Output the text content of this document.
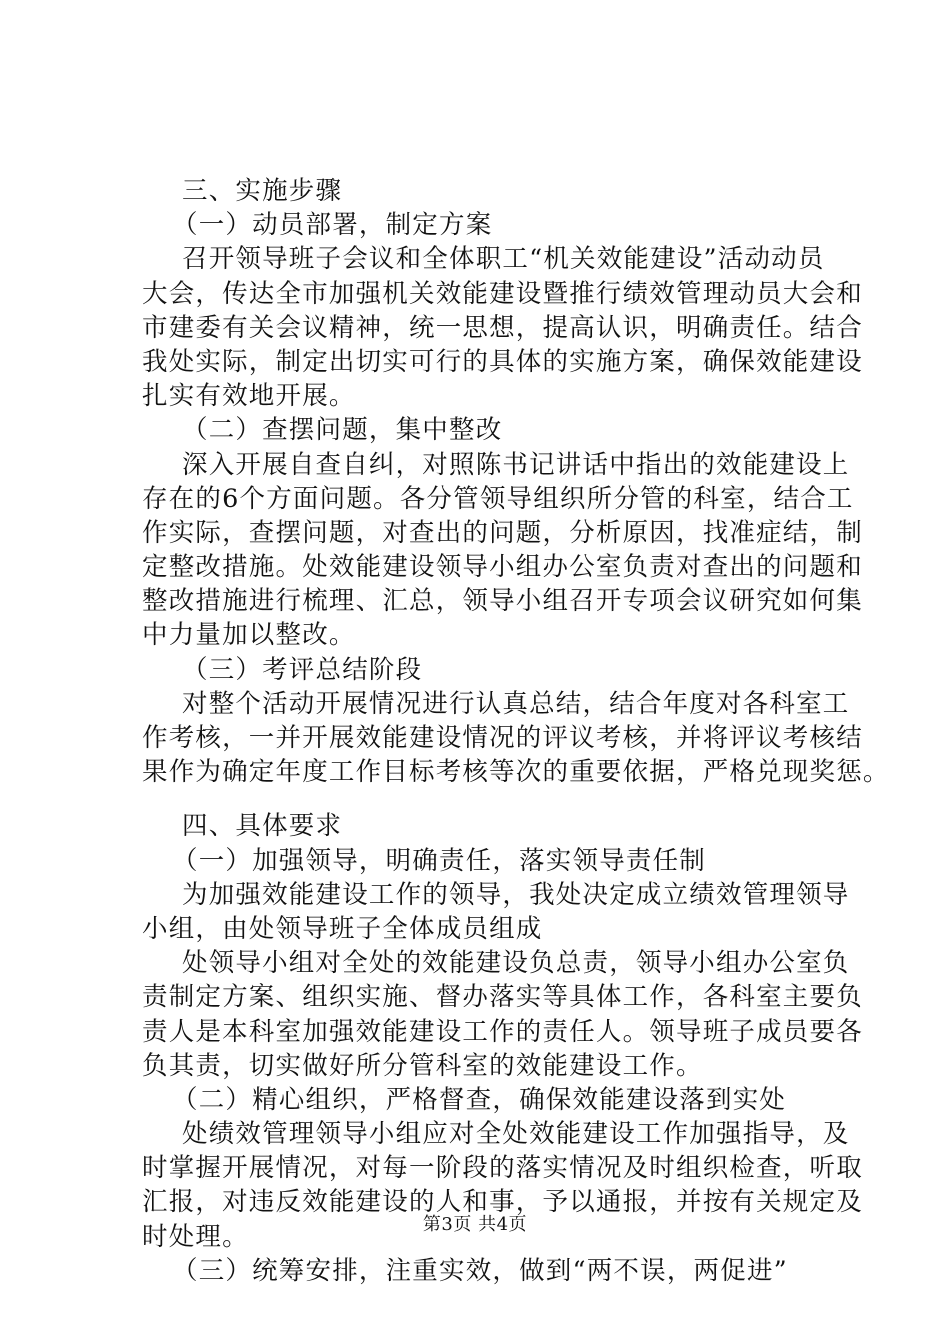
三、实施步骤
（一）动员部署，制定方案
召开领导班子会议和全体职工“机关效能建设”活动动员
大会，传达全市加强机关效能建设暨推行绩效管理动员大会和
市建委有关会议精神，统一思想，提高认识，明确责任。结合
我处实际，制定出切实可行的具体的实施方案，确保效能建设
扎实有效地开展。
（二）查摆问题，集中整改
深入开展自查自纠，对照陈书记讲话中指出的效能建设上
存在的6个方面问题。各分管领导组织所分管的科室，结合工
作实际，查摆问题，对查出的问题，分析原因，找准症结，制
定整改措施。处效能建设领导小组办公室负责对查出的问题和
整改措施进行梳理、汇总，领导小组召开专项会议研究如何集
中力量加以整改。
（三）考评总结阶段
对整个活动开展情况进行认真总结，结合年度对各科室工
作考核，一并开展效能建设情况的评议考核，并将评议考核结
果作为确定年度工作目标考核等次的重要依据，严格兑现奖惩。
四、具体要求
（一）加强领导，明确责任，落实领导责任制
为加强效能建设工作的领导，我处决定成立绩效管理领导
小组，由处领导班子全体成员组成
处领导小组对全处的效能建设负总责，领导小组办公室负
责制定方案、组织实施、督办落实等具体工作，各科室主要负
责人是本科室加强效能建设工作的责任人。领导班子成员要各
负其责，切实做好所分管科室的效能建设工作。
（二）精心组织，严格督查，确保效能建设落到实处
处绩效管理领导小组应对全处效能建设工作加强指导，及
时掌握开展情况，对每一阶段的落实情况及时组织检查，听取
汇报，对违反效能建设的人和事，予以通报，并按有关规定及
时处理。
（三）统筹安排，注重实效，做到“两不误，两促进”
第3页 共4页
